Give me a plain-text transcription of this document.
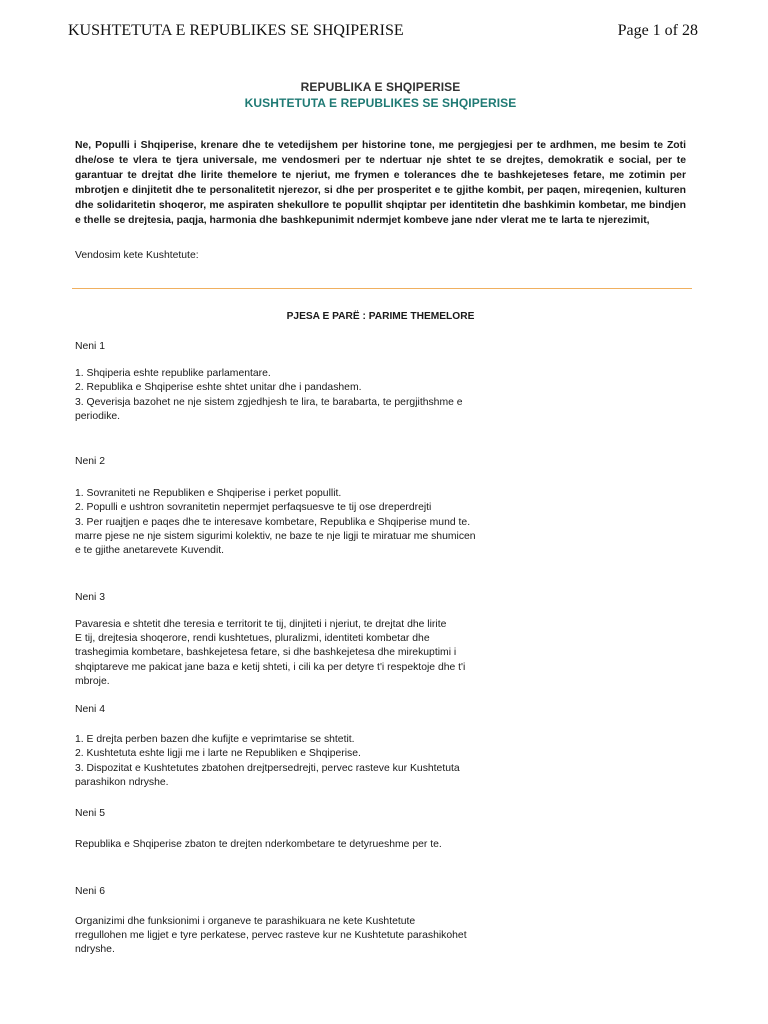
KUSHTETUTA E REPUBLIKES SE SHQIPERISE	Page 1 of 28
REPUBLIKA E SHQIPERISE
KUSHTETUTA E REPUBLIKES SE SHQIPERISE
Ne, Populli i Shqiperise, krenare dhe te vetedijshem per historine tone, me pergjegjesi per te ardhmen, me besim te Zoti dhe/ose te vlera te tjera universale, me vendosmeri per te ndertuar nje shtet te se drejtes, demokratik e social, per te garantuar te drejtat dhe lirite themelore te njeriut, me frymen e tolerances dhe te bashkejeteses fetare, me zotimin per mbrotjen e dinjitetit dhe te personalitetit njerezor, si dhe per prosperitet e te gjithe kombit, per paqen, mireqenien, kulturen dhe solidaritetin shoqeror, me aspiraten shekullore te popullit shqiptar per identitetin dhe bashkimin kombetar, me bindjen e thelle se drejtesia, paqja, harmonia dhe bashkepunimit ndermjet kombeve jane nder vlerat me te larta te njerezimit,
Vendosim kete Kushtetute:
PJESA E PARË : PARIME THEMELORE
Neni 1
1. Shqiperia eshte republike parlamentare.
2. Republika e Shqiperise eshte shtet unitar dhe i pandashem.
3. Qeverisja bazohet ne nje sistem zgjedhjesh te lira, te barabarta, te pergjithshme e
periodike.
Neni 2
1. Sovraniteti ne Republiken e Shqiperise i perket popullit.
2. Populli e ushtron sovranitetin nepermjet perfaqsuesve te tij ose dreperdrejti
3. Per ruajtjen e paqes dhe te interesave kombetare, Republika e Shqiperise mund te.
marre pjese ne nje sistem sigurimi kolektiv, ne baze te nje ligji te miratuar me shumicen
e te gjithe anetarevete Kuvendit.
Neni 3
Pavaresia e shtetit dhe teresia e territorit te tij, dinjiteti i njeriut, te drejtat dhe lirite
E tij, drejtesia shoqerore, rendi kushtetues, pluralizmi, identiteti kombetar dhe
trashegimia kombetare, bashkejetesa fetare, si dhe bashkejetesa dhe mirekuptimi i
shqiptareve me pakicat jane baza e ketij shteti, i cili ka per detyre t'i respektoje dhe t'i
mbroje.
Neni 4
1. E drejta perben bazen dhe kufijte e veprimtarise se shtetit.
2. Kushtetuta eshte ligji me i larte ne Republiken e Shqiperise.
3. Dispozitat e Kushtetutes zbatohen drejtpersedrejti, pervec rasteve kur Kushtetuta
parashikon ndryshe.
Neni 5
Republika e Shqiperise zbaton te drejten nderkombetare te detyrueshme per te.
Neni 6
Organizimi dhe funksionimi i organeve te parashikuara ne kete Kushtetute
rregullohen me ligjet e tyre perkatese, pervec rasteve kur ne Kushtetute parashikohet
ndryshe.
